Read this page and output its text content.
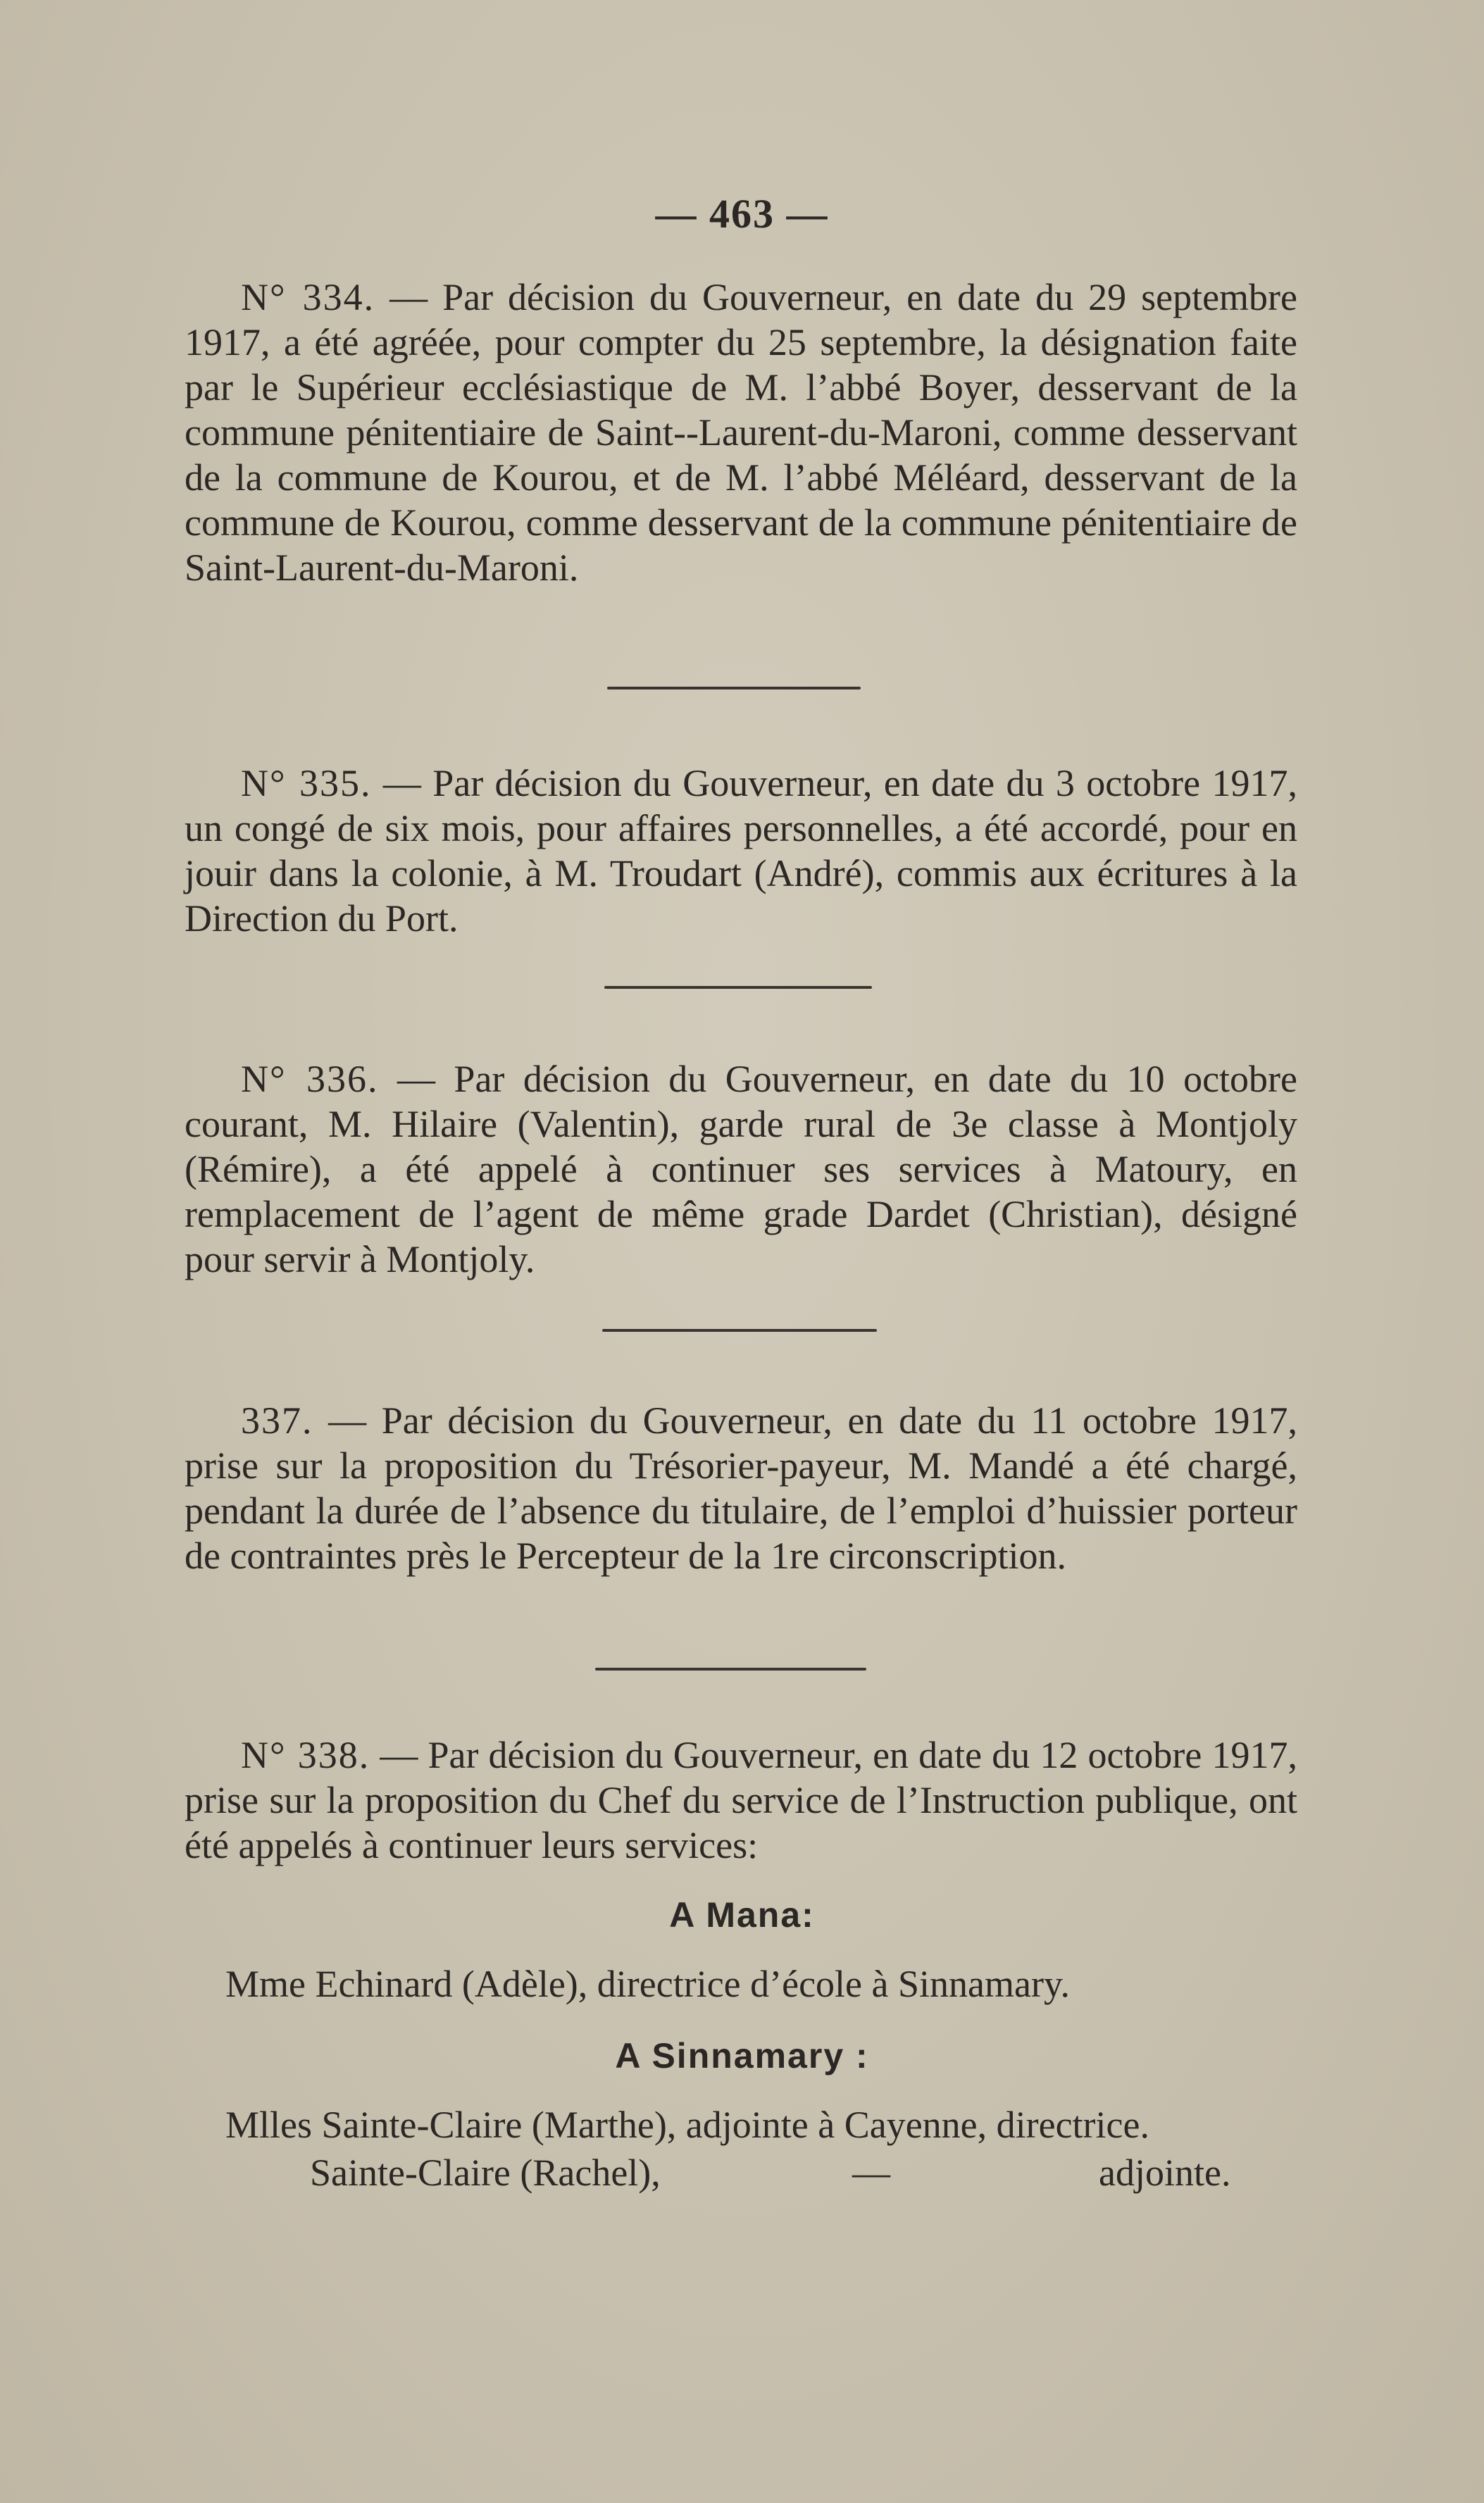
— 463 —
N° 334. — Par décision du Gouverneur, en date du 29 septembre 1917, a été agréée, pour compter du 25 septembre, la désignation faite par le Supérieur ecclésiastique de M. l’abbé Boyer, desservant de la commune pénitentiaire de Saint--Laurent-du-Maroni, comme desservant de la commune de Kourou, et de M. l’abbé Méléard, desservant de la commune de Kourou, comme desservant de la commune pénitentiaire de Saint-Laurent-du-Maroni.
N° 335. — Par décision du Gouverneur, en date du 3 octobre 1917, un congé de six mois, pour affaires personnelles, a été accordé, pour en jouir dans la colonie, à M. Troudart (André), commis aux écritures à la Direction du Port.
N° 336. — Par décision du Gouverneur, en date du 10 octobre courant, M. Hilaire (Valentin), garde rural de 3e classe à Montjoly (Rémire), a été appelé à continuer ses services à Matoury, en remplacement de l’agent de même grade Dardet (Christian), désigné pour servir à Montjoly.
337. — Par décision du Gouverneur, en date du 11 octobre 1917, prise sur la proposition du Trésorier-payeur, M. Mandé a été chargé, pendant la durée de l’absence du titulaire, de l’emploi d’huissier porteur de contraintes près le Percepteur de la 1re circonscription.
N° 338. — Par décision du Gouverneur, en date du 12 octobre 1917, prise sur la proposition du Chef du service de l’Instruction publique, ont été appelés à continuer leurs services:
A Mana:
Mme Echinard (Adèle), directrice d’école à Sinnamary.
A Sinnamary :
Mlles Sainte-Claire (Marthe), adjointe à Cayenne, directrice.
Sainte-Claire (Rachel),	—	adjointe.
